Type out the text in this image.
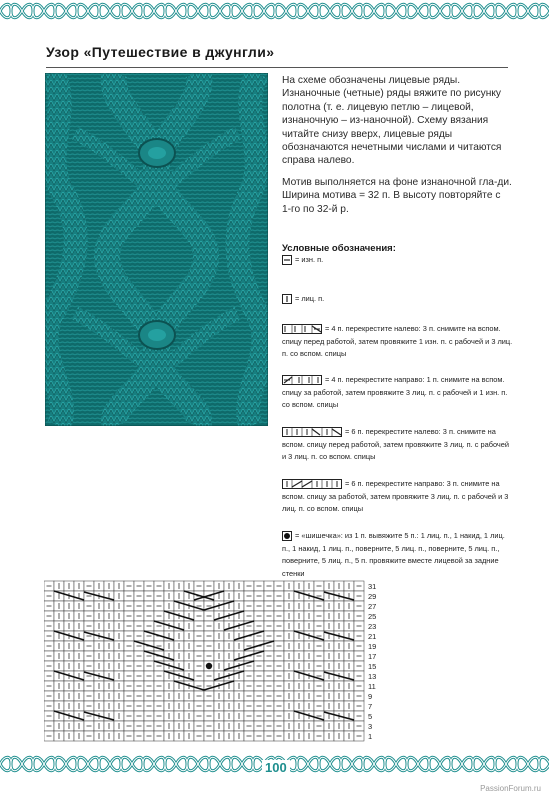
Узор «Путешествие в джунгли»

На схеме обозначены лицевые ряды. Изнаночные (четные) ряды вяжите по рисунку полотна (т. е. лицевую петлю – лицевой, изнаночную – из-наночной). Схему вязания читайте снизу вверх, лицевые ряды обозначаются нечетными числами и читаются справа налево.

Мотив выполняется на фоне изнаночной гла-ди. Ширина мотива = 32 п. В высоту повторяйте с 1-го по 32-й р.

Условные обозначения:
= изн. п.
= лиц. п.
= 4 п. перекрестите налево: 3 п. снимите на вспом. спицу перед работой, затем провяжите 1 изн. п. с рабочей и 3 лиц. п. со вспом. спицы
= 4 п. перекрестите направо: 1 п. снимите на вспом. спицу за работой, затем провяжите 3 лиц. п. с рабочей и 1 изн. п. со вспом. спицы
= 6 п. перекрестите налево: 3 п. снимите на вспом. спицу перед работой, затем провяжите 3 лиц. п. с рабочей и 3 лиц. п. со вспом. спицы
= 6 п. перекрестите направо: 3 п. снимите на вспом. спицу за работой, затем провяжите 3 лиц. п. с рабочей и 3 лиц. п. со вспом. спицы
= «шишечка»: из 1 п. вывяжите 5 п.: 1 лиц. п., 1 накид, 1 лиц. п., 1 накид, 1 лиц. п., поверните, 5 лиц. п., поверните, 5 лиц. п., поверните, 5 лиц. п., 5 п. провяжите вместе лицевой за задние стенки
31
29
27
25
23
21
19
17
15
13
11
9
7
5
3
1
100
PassionForum.ru
